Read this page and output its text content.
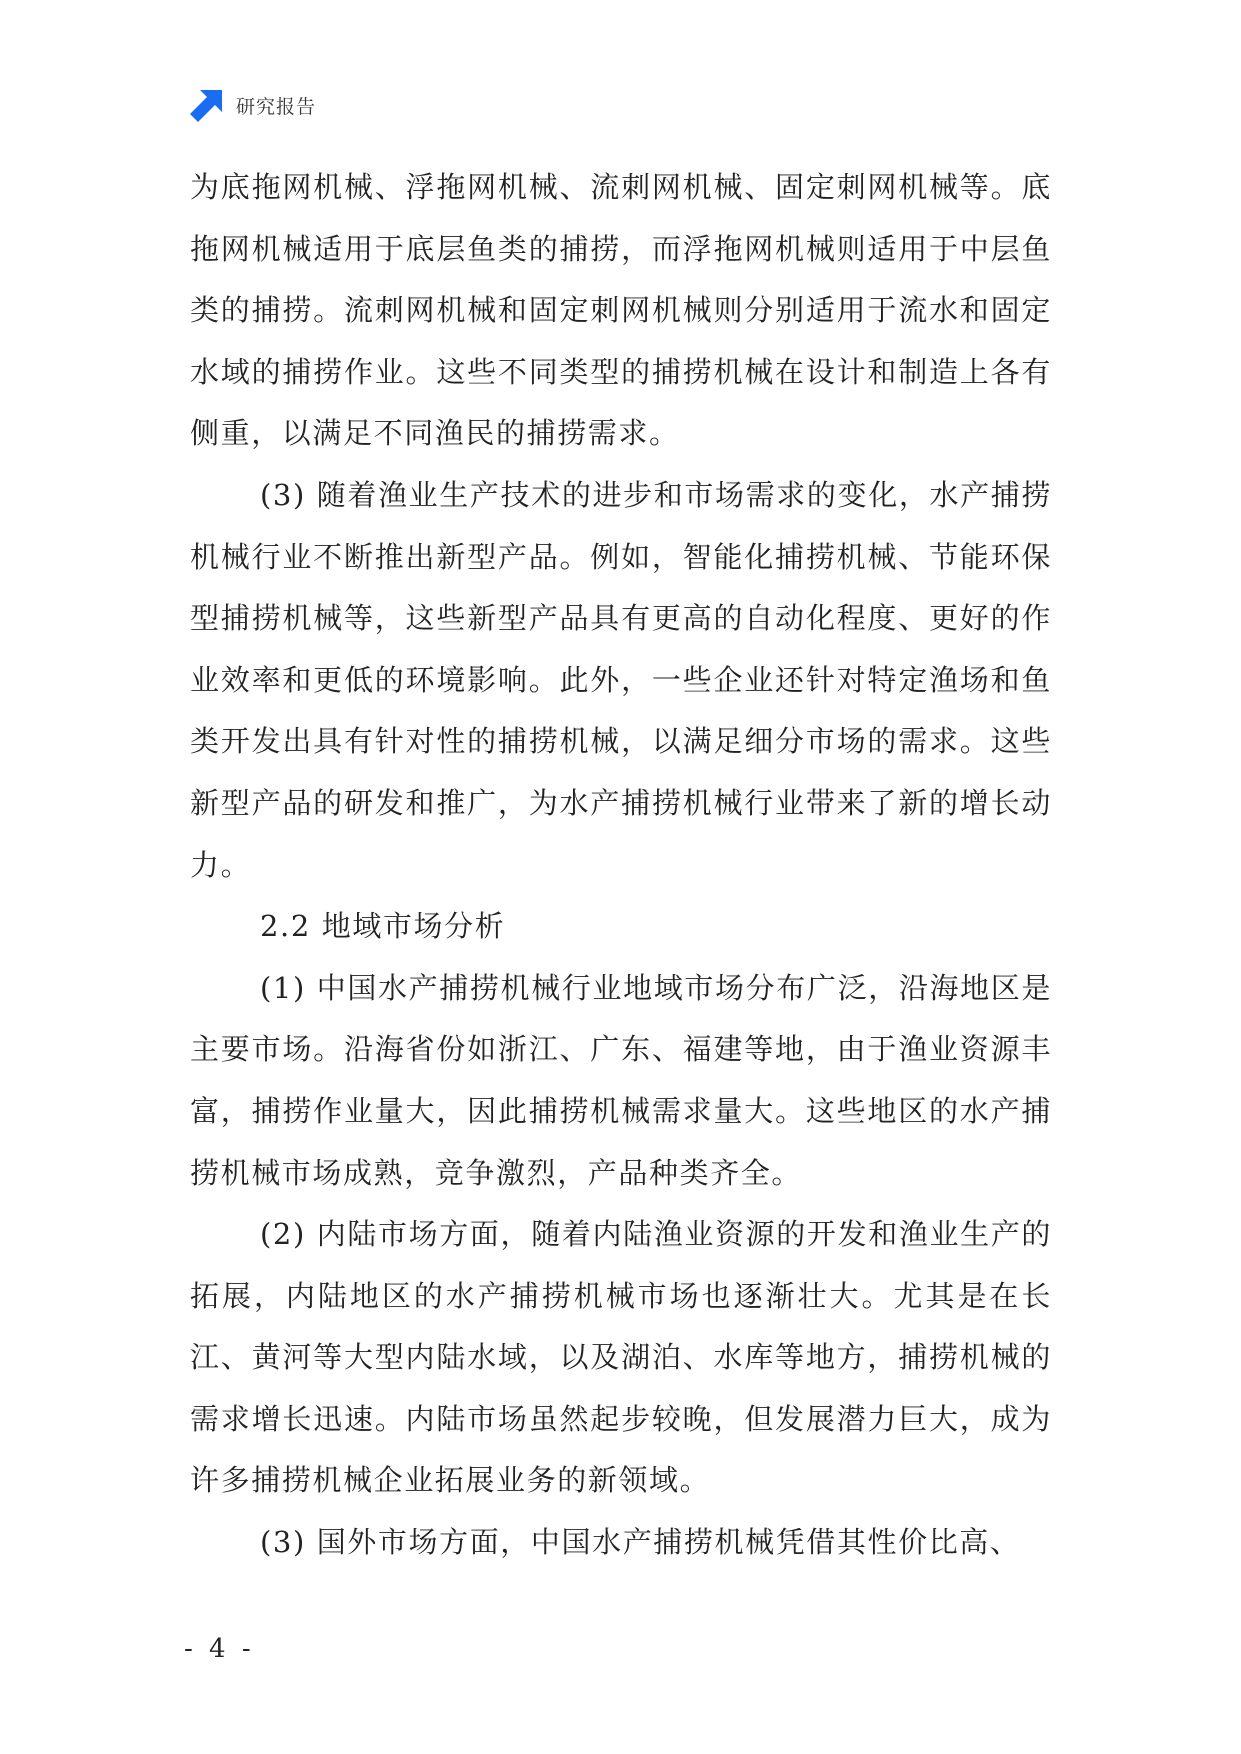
研究报告

为底拖网机械、浮拖网机械、流刺网机械、固定刺网机械等。底拖网机械适用于底层鱼类的捕捞，而浮拖网机械则适用于中层鱼类的捕捞。流刺网机械和固定刺网机械则分别适用于流水和固定水域的捕捞作业。这些不同类型的捕捞机械在设计和制造上各有侧重，以满足不同渔民的捕捞需求。

(3) 随着渔业生产技术的进步和市场需求的变化，水产捕捞机械行业不断推出新型产品。例如，智能化捕捞机械、节能环保型捕捞机械等，这些新型产品具有更高的自动化程度、更好的作业效率和更低的环境影响。此外，一些企业还针对特定渔场和鱼类开发出具有针对性的捕捞机械，以满足细分市场的需求。这些新型产品的研发和推广，为水产捕捞机械行业带来了新的增长动力。

2.2 地域市场分析

(1) 中国水产捕捞机械行业地域市场分布广泛，沿海地区是主要市场。沿海省份如浙江、广东、福建等地，由于渔业资源丰富，捕捞作业量大，因此捕捞机械需求量大。这些地区的水产捕捞机械市场成熟，竞争激烈，产品种类齐全。

(2) 内陆市场方面，随着内陆渔业资源的开发和渔业生产的拓展，内陆地区的水产捕捞机械市场也逐渐壮大。尤其是在长江、黄河等大型内陆水域，以及湖泊、水库等地方，捕捞机械的需求增长迅速。内陆市场虽然起步较晚，但发展潜力巨大，成为许多捕捞机械企业拓展业务的新领域。

(3) 国外市场方面，中国水产捕捞机械凭借其性价比高、

- 4 -
